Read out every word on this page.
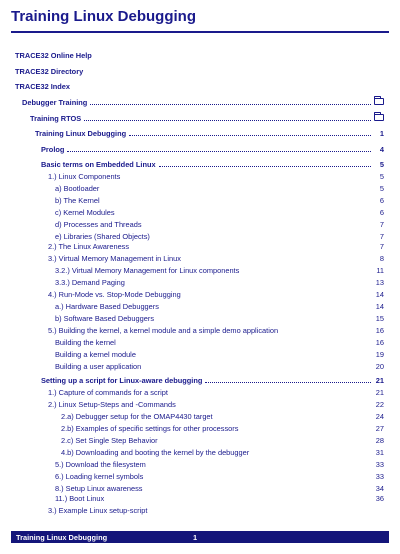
Training Linux Debugging
TRACE32 Online Help
TRACE32 Directory
TRACE32 Index
Debugger Training
Training RTOS
Training Linux Debugging	1
Prolog	4
Basic terms on Embedded Linux	5
1.) Linux Components	5
a) Bootloader	5
b) The Kernel	6
c) Kernel Modules	6
d) Processes and Threads	7
e) Libraries (Shared Objects)	7
2.) The Linux Awareness	7
3.) Virtual Memory Management in Linux	8
3.2.) Virtual Memory Management for Linux components	11
3.3.) Demand Paging	13
4.) Run-Mode vs. Stop-Mode Debugging	14
a.) Hardware Based Debuggers	14
b) Software Based Debuggers	15
5.) Building the kernel, a kernel module and a simple demo application	16
Building the kernel	16
Building a kernel module	19
Building a user application	20
Setting up a script for Linux-aware debugging	21
1.) Capture of commands for a script	21
2.) Linux Setup-Steps and -Commands	22
2.a) Debugger setup for the OMAP4430 target	24
2.b) Examples of specific settings for other processors	27
2.c) Set Single Step Behavior	28
4.b) Downloading and booting the kernel by the debugger	31
5.) Download the filesystem	33
6.) Loading kernel symbols	33
8.) Setup Linux awareness	34
11.) Boot Linux	36
3.) Example Linux setup-script
Training Linux Debugging	1
